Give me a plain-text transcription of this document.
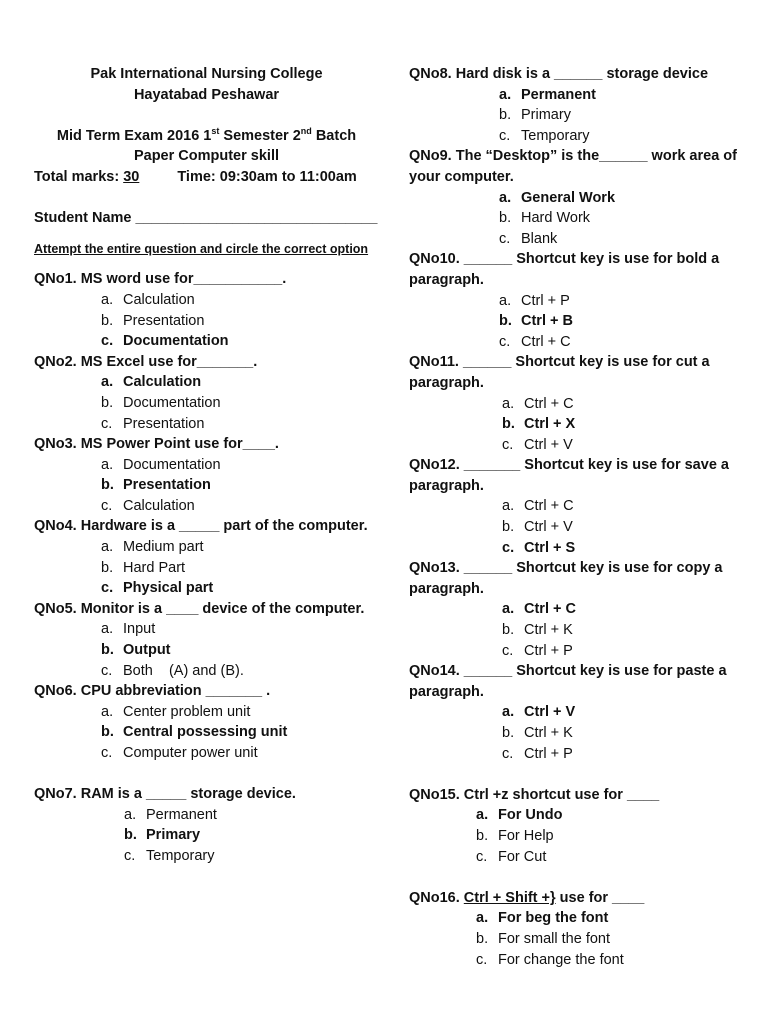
Pak International Nursing College
Hayatabad Peshawar
Mid Term Exam 2016 1st Semester 2nd Batch
Paper Computer skill
Total marks: 30	Time: 09:30am to 11:00am
Student Name ______________________________
Attempt the entire question and circle the correct option
QNo1. MS word use for___________.
a. Calculation
b. Presentation
c. Documentation
QNo2. MS Excel use for_______.
a. Calculation
b. Documentation
c. Presentation
QNo3. MS Power Point use for____.
a. Documentation
b. Presentation
c. Calculation
QNo4. Hardware is a _____ part of the computer.
a. Medium part
b. Hard Part
c. Physical part
QNo5. Monitor is a ____ device of the computer.
a. Input
b. Output
c. Both    (A) and (B).
QNo6. CPU abbreviation _______ .
a. Center problem unit
b. Central possessing unit
c. Computer power unit
QNo7. RAM is a _____ storage device.
a. Permanent
b. Primary
c. Temporary
QNo8. Hard disk is a ______ storage device
a. Permanent
b. Primary
c. Temporary
QNo9. The “Desktop” is the______ work area of your computer.
a. General Work
b. Hard Work
c. Blank
QNo10. ______ Shortcut key is use for bold a paragraph.
a. Ctrl + P
b. Ctrl + B
c. Ctrl + C
QNo11. ______ Shortcut key is use for cut a paragraph.
a. Ctrl + C
b. Ctrl + X
c. Ctrl + V
QNo12. _______ Shortcut key is use for save a paragraph.
a. Ctrl + C
b. Ctrl + V
c. Ctrl + S
QNo13. ______ Shortcut key is use for copy a paragraph.
a. Ctrl + C
b. Ctrl + K
c. Ctrl + P
QNo14. ______ Shortcut key is use for paste a paragraph.
a. Ctrl + V
b. Ctrl + K
c. Ctrl + P
QNo15. Ctrl +z shortcut use for ____
a. For Undo
b. For Help
c. For Cut
QNo16. Ctrl + Shift +} use for ____
a. For beg the font
b. For small the font
c. For change the font
